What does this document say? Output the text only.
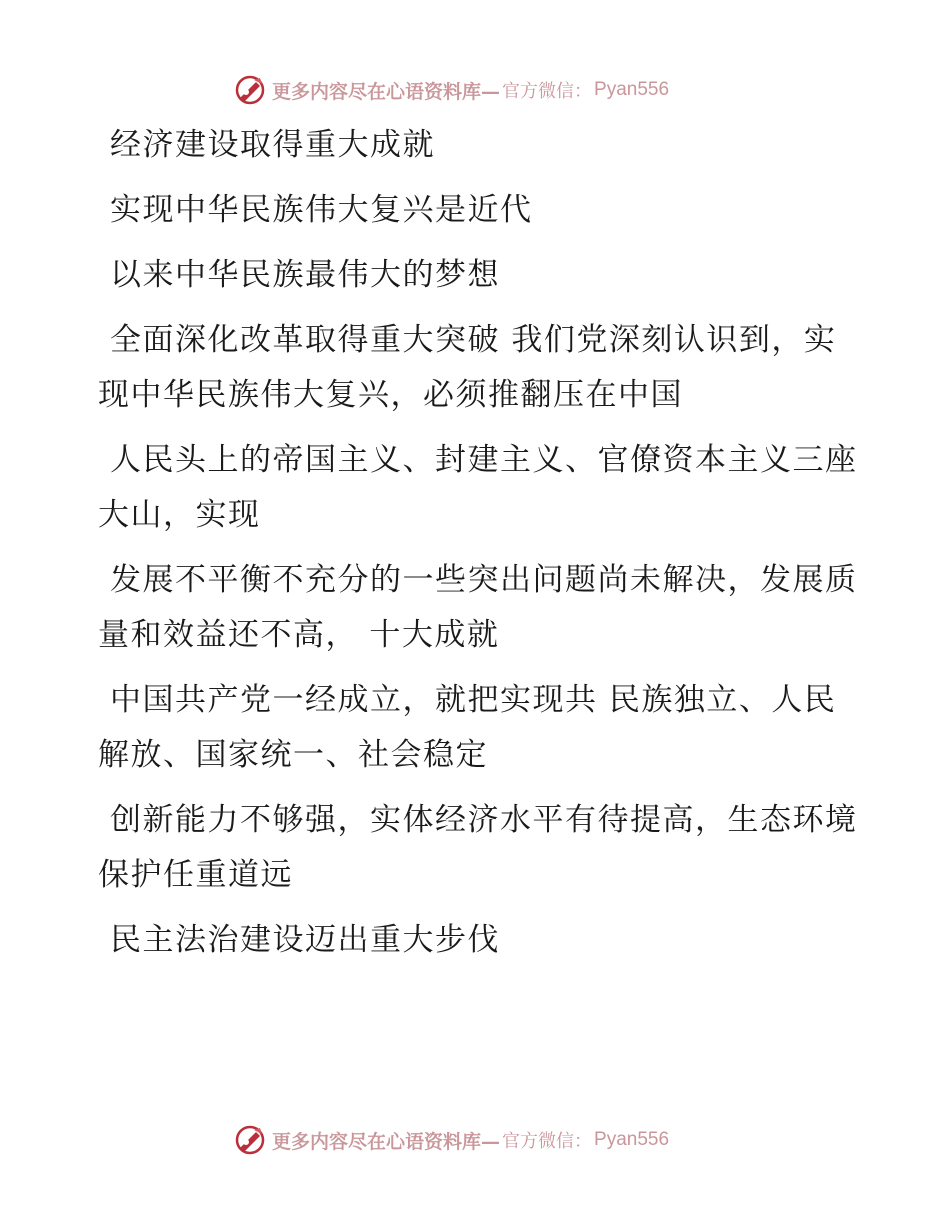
更多内容尽在心语资料库— 官方微信： Pyan556

经济建设取得重大成就

实现中华民族伟大复兴是近代

以来中华民族最伟大的梦想

全面深化改革取得重大突破 我们党深刻认识到，实现中华民族伟大复兴，必须推翻压在中国

人民头上的帝国主义、封建主义、官僚资本主义三座大山，实现

发展不平衡不充分的一些突出问题尚未解决，发展质量和效益还不高， 十大成就

中国共产党一经成立，就把实现共 民族独立、人民解放、国家统一、社会稳定

创新能力不够强，实体经济水平有待提高，生态环境保护任重道远

民主法治建设迈出重大步伐

更多内容尽在心语资料库— 官方微信： Pyan556
